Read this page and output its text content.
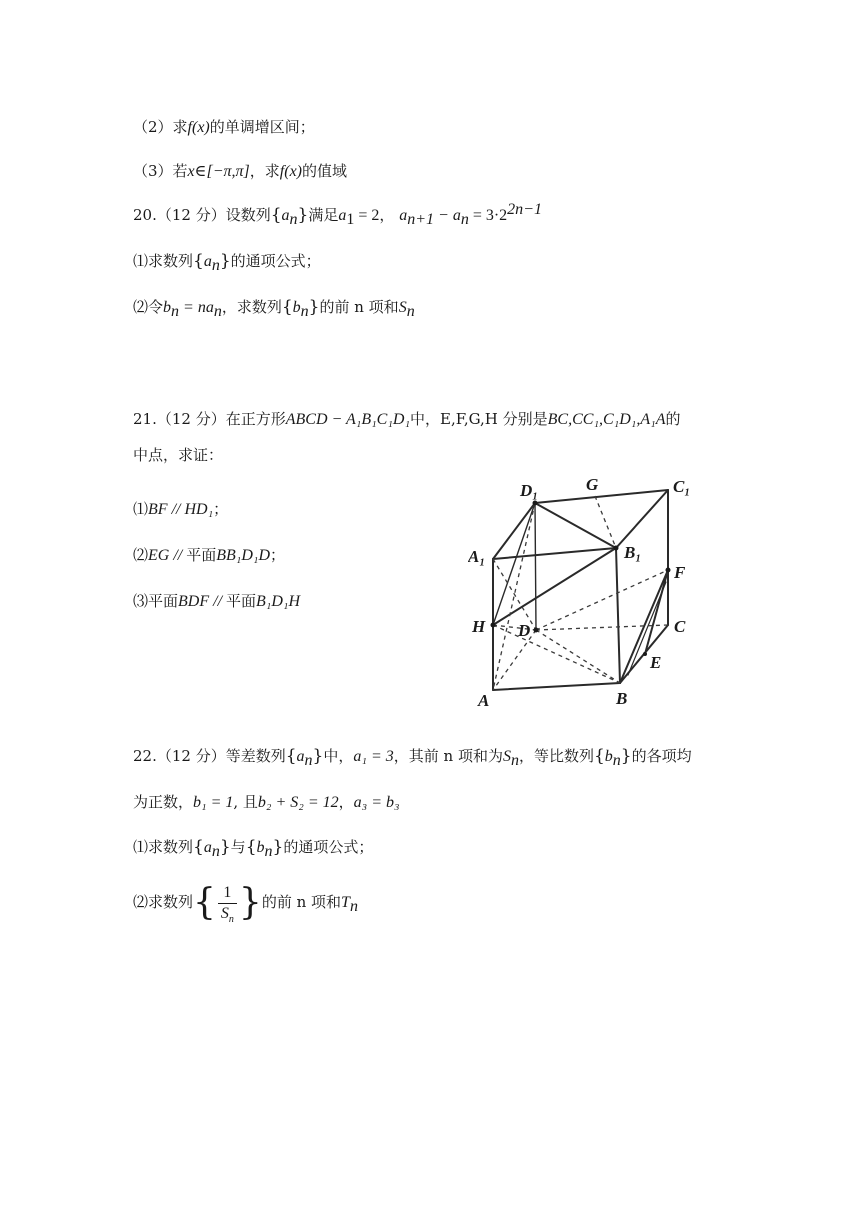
（2）求f(x)的单调增区间；
（3）若x∈[−π,π]，求f(x)的值域
20.（12 分）设数列$\{a_n\}$满足$a_1 = 2$， $a_{n+1} - a_n = 3\cdot 2^{2n-1}$
⑴求数列$\{a_n\}$的通项公式；
⑵令$b_n = na_n$，求数列$\{b_n\}$的前 n 项和$S_n$
21.（12 分）在正方形ABCD − A₁B₁C₁D₁中，E,F,G,H 分别是BC,CC₁,C₁D₁,A₁A的
中点，求证：
⑴BF // HD₁；
⑵EG // 平面BB₁D₁D；
⑶平面BDF // 平面B₁D₁H
D₁	G	C₁
A₁	B₁
F
H D	C
E
A	B
22.（12 分）等差数列$\{a_n\}$中，a₁ = 3，其前 n 项和为$S_n$，等比数列$\{b_n\}$的各项均
为正数，b₁ = 1, 且b₂ + S₂ = 12，a₃ = b₃
⑴求数列$\{a_n\}$与$\{b_n\}$的通项公式；
⑵求数列{ $\frac{1}{S_n}$ }的前 n 项和$T_n$
